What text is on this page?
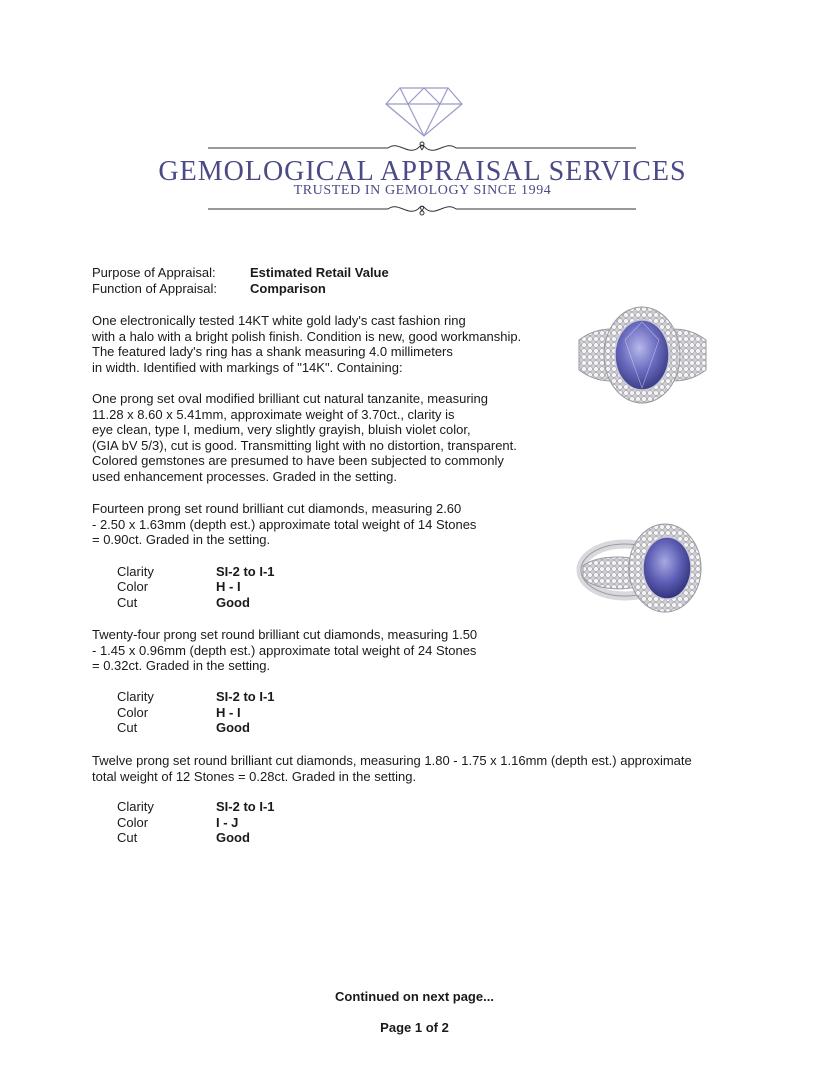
GEMOLOGICAL APPRAISAL SERVICES
TRUSTED IN GEMOLOGY SINCE 1994
Purpose of Appraisal:	Estimated Retail Value
Function of Appraisal:	Comparison
One electronically tested 14KT white gold lady's cast fashion ring
with a halo with a bright polish finish. Condition is new, good workmanship.
The featured lady's ring has a shank measuring 4.0 millimeters
in width. Identified with markings of "14K". Containing:
One prong set oval modified brilliant cut natural tanzanite, measuring
11.28 x 8.60 x 5.41mm, approximate weight of 3.70ct., clarity is
eye clean, type I, medium, very slightly grayish, bluish violet color,
(GIA bV 5/3), cut is good. Transmitting light with no distortion, transparent.
Colored gemstones are presumed to have been subjected to commonly
used enhancement processes. Graded in the setting.
Fourteen prong set round brilliant cut diamonds, measuring 2.60
- 2.50 x 1.63mm (depth est.) approximate total weight of 14 Stones
= 0.90ct. Graded in the setting.
Clarity	SI-2 to I-1
Color	H - I
Cut	Good
Twenty-four prong set round brilliant cut diamonds, measuring 1.50
- 1.45 x 0.96mm (depth est.) approximate total weight of 24 Stones
= 0.32ct. Graded in the setting.
Clarity	SI-2 to I-1
Color	H - I
Cut	Good
Twelve prong set round brilliant cut diamonds, measuring 1.80 - 1.75 x 1.16mm (depth est.) approximate
total weight of 12 Stones = 0.28ct. Graded in the setting.
Clarity	SI-2 to I-1
Color	I - J
Cut	Good
Continued on next page...
Page 1 of 2
